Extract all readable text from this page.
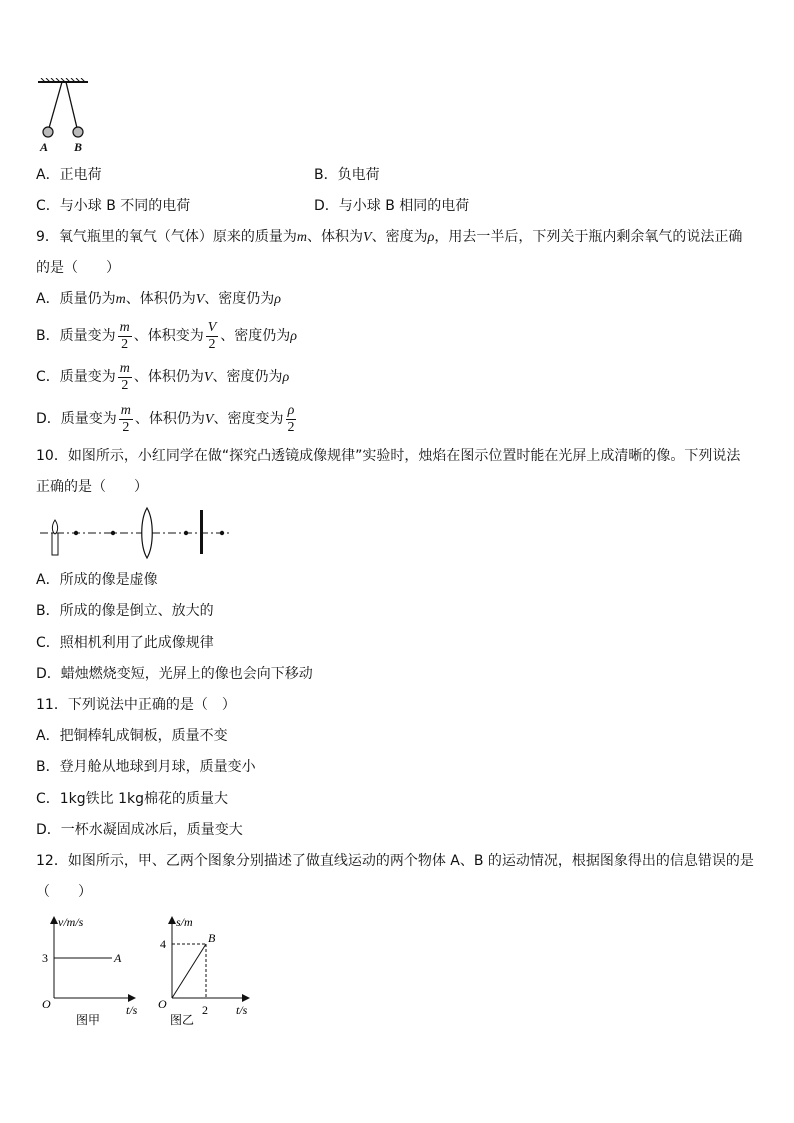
A B
A．正电荷	B．负电荷
C．与小球 B 不同的电荷	D．与小球 B 相同的电荷
9．氧气瓶里的氧气（气体）原来的质量为m、体积为V、密度为ρ，用去一半后，下列关于瓶内剩余氧气的说法正确
的是（　　）
A．质量仍为m、体积仍为V、密度仍为ρ
B．质量变为 $\frac{m}{2}$ 、体积变为 $\frac{V}{2}$ 、密度仍为ρ
C．质量变为 $\frac{m}{2}$ 、体积仍为V、密度仍为ρ
D．质量变为 $\frac{m}{2}$ 、体积仍为V、密度变为 $\frac{\rho}{2}$
10．如图所示，小红同学在做“探究凸透镜成像规律”实验时，烛焰在图示位置时能在光屏上成清晰的像。下列说法
正确的是（　　）
A．所成的像是虚像
B．所成的像是倒立、放大的
C．照相机利用了此成像规律
D．蜡烛燃烧变短，光屏上的像也会向下移动
11．下列说法中正确的是（　）
A．把铜棒轧成铜板，质量不变
B．登月舱从地球到月球，质量变小
C．1kg铁比 1kg棉花的质量大
D．一杯水凝固成冰后，质量变大
12．如图所示，甲、乙两个图象分别描述了做直线运动的两个物体 A、B 的运动情况，根据图象得出的信息错误的是
（　　）
v/m/s
3	A
O	t/s
图甲
s/m
4	B
O	2 t/s
图乙
